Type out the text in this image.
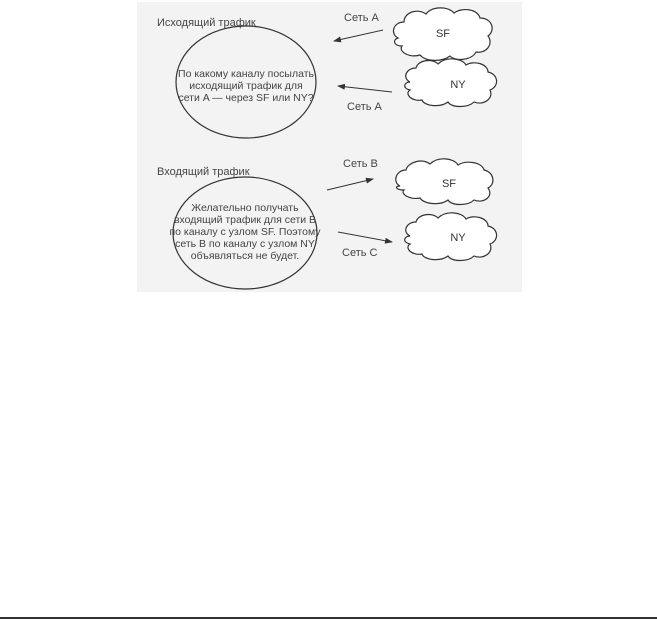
Исходящий трафик
По какому каналу посылать
исходящий трафик для
сети A — через SF или NY?
SF
NY
Сеть A
Сеть A
Входящий трафик
Желательно получать
входящий трафик для сети B
по каналу с узлом SF. Поэтому
сеть B по каналу с узлом NY
объявляться не будет.
SF
NY
Сеть B
Сеть C
